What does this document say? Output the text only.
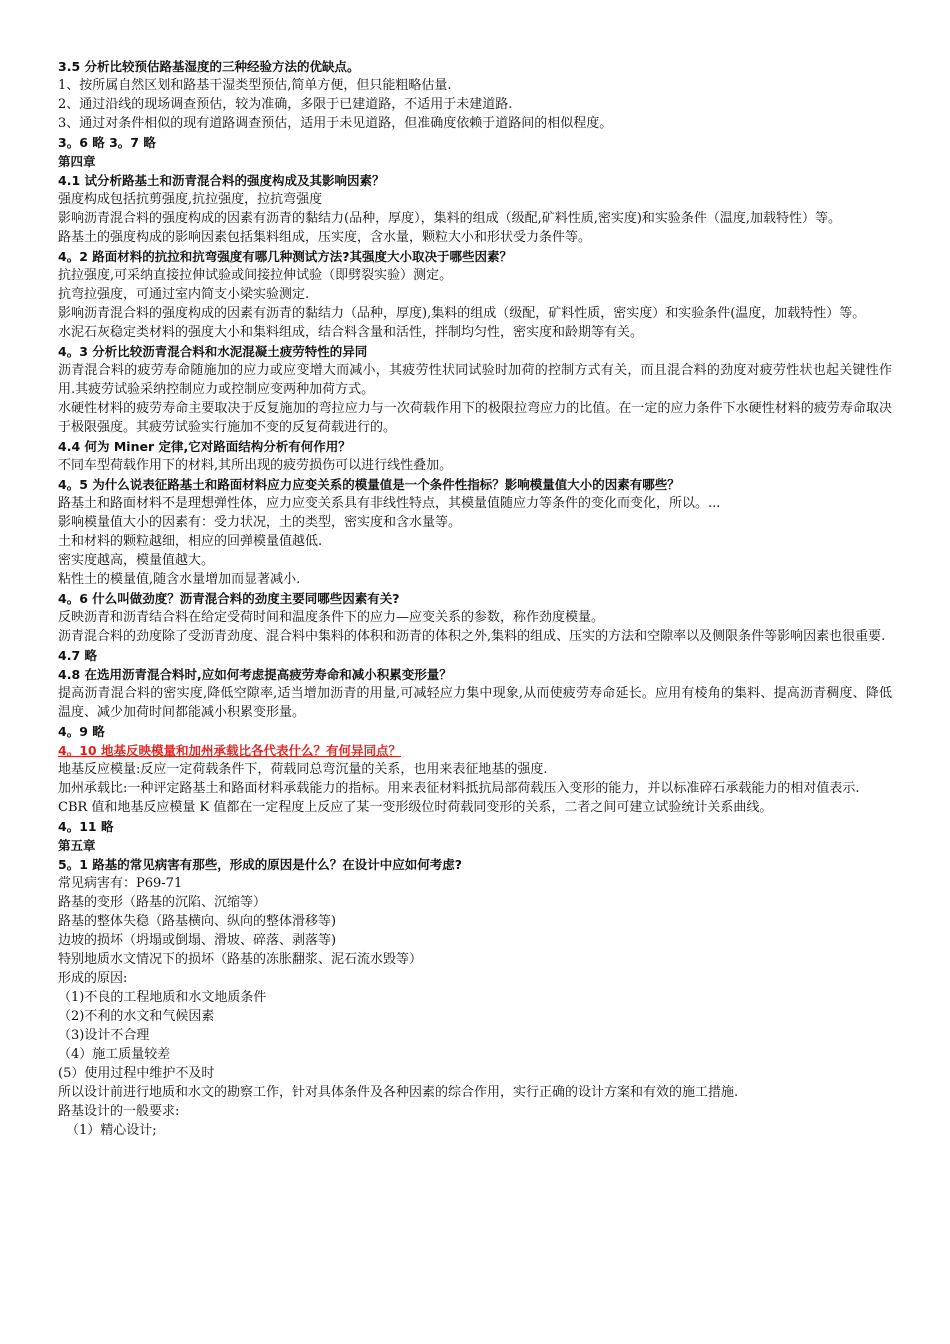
3.5 分析比较预估路基湿度的三种经验方法的优缺点。

1、按所属自然区划和路基干湿类型预估,简单方便，但只能粗略估量.

2、通过沿线的现场调查预估，较为准确，多限于已建道路，不适用于未建道路.

3、通过对条件相似的现有道路调查预估，适用于未见道路，但准确度依赖于道路间的相似程度。

3。6 略 3。7 略

第四章

4.1 试分析路基土和沥青混合料的强度构成及其影响因素？

强度构成包括抗剪强度,抗拉强度，拉抗弯强度

影响沥青混合料的强度构成的因素有沥青的黏结力(品种，厚度），集料的组成（级配,矿料性质,密实度)和实验条件（温度,加载特性）等。

路基土的强度构成的影响因素包括集料组成，压实度，含水量，颗粒大小和形状受力条件等。

4。2 路面材料的抗拉和抗弯强度有哪几种测试方法?其强度大小取决于哪些因素？

抗拉强度,可采纳直接拉伸试验或间接拉伸试验（即劈裂实验）测定。

抗弯拉强度，可通过室内简支小梁实验测定.

影响沥青混合料的强度构成的因素有沥青的黏结力（品种，厚度),集料的组成（级配，矿料性质，密实度）和实验条件(温度，加载特性）等。

水泥石灰稳定类材料的强度大小和集料组成，结合料含量和活性，拌制均匀性，密实度和龄期等有关。

4。3 分析比较沥青混合料和水泥混凝土疲劳特性的异同

沥青混合料的疲劳寿命随施加的应力或应变增大而减小，其疲劳性状同试验时加荷的控制方式有关，而且混合料的劲度对疲劳性状也起关键性作用.其疲劳试验采纳控制应力或控制应变两种加荷方式。

水硬性材料的疲劳寿命主要取决于反复施加的弯拉应力与一次荷载作用下的极限拉弯应力的比值。在一定的应力条件下水硬性材料的疲劳寿命取决于极限强度。其疲劳试验实行施加不变的反复荷载进行的。

4.4 何为 Miner 定律,它对路面结构分析有何作用？

不同车型荷载作用下的材料,其所出现的疲劳损伤可以进行线性叠加。

4。5 为什么说表征路基土和路面材料应力应变关系的模量值是一个条件性指标？影响模量值大小的因素有哪些？

路基土和路面材料不是理想弹性体，应力应变关系具有非线性特点，其模量值随应力等条件的变化而变化，所以。...

影响模量值大小的因素有：受力状况，土的类型，密实度和含水量等。

土和材料的颗粒越细，相应的回弹模量值越低.

密实度越高，模量值越大。

粘性土的模量值,随含水量增加而显著减小.

4。6 什么叫做劲度？沥青混合料的劲度主要同哪些因素有关?

反映沥青和沥青结合料在给定受荷时间和温度条件下的应力—应变关系的参数，称作劲度模量。

沥青混合料的劲度除了受沥青劲度、混合料中集料的体积和沥青的体积之外,集料的组成、压实的方法和空隙率以及侧限条件等影响因素也很重要.

4.7 略

4.8 在选用沥青混合料时,应如何考虑提高疲劳寿命和减小积累变形量？

提高沥青混合料的密实度,降低空隙率,适当增加沥青的用量,可减轻应力集中现象,从而使疲劳寿命延长。应用有棱角的集料、提高沥青稠度、降低温度、减少加荷时间都能减小积累变形量。

4。9 略

4。10 地基反映模量和加州承载比各代表什么？有何异同点？

地基反应模量:反应一定荷载条件下，荷载同总弯沉量的关系，也用来表征地基的强度.

加州承载比:一种评定路基土和路面材料承载能力的指标。用来表征材料抵抗局部荷载压入变形的能力，并以标准碎石承载能力的相对值表示.

CBR 值和地基反应模量 K 值都在一定程度上反应了某一变形级位时荷载同变形的关系，二者之间可建立试验统计关系曲线。

4。11 略

第五章

5。1 路基的常见病害有那些，形成的原因是什么？在设计中应如何考虑?

常见病害有：P69-71

路基的变形（路基的沉陷、沉缩等）

路基的整体失稳（路基横向、纵向的整体滑移等)

边坡的损坏（坍塌或倒塌、滑坡、碎落、剥落等)

特别地质水文情况下的损坏（路基的冻胀翻浆、泥石流水毁等）

形成的原因:

（1)不良的工程地质和水文地质条件

（2)不利的水文和气候因素

（3)设计不合理

（4）施工质量较差

(5）使用过程中维护不及时

所以设计前进行地质和水文的勘察工作，针对具体条件及各种因素的综合作用，实行正确的设计方案和有效的施工措施.

路基设计的一般要求:

（1）精心设计;
